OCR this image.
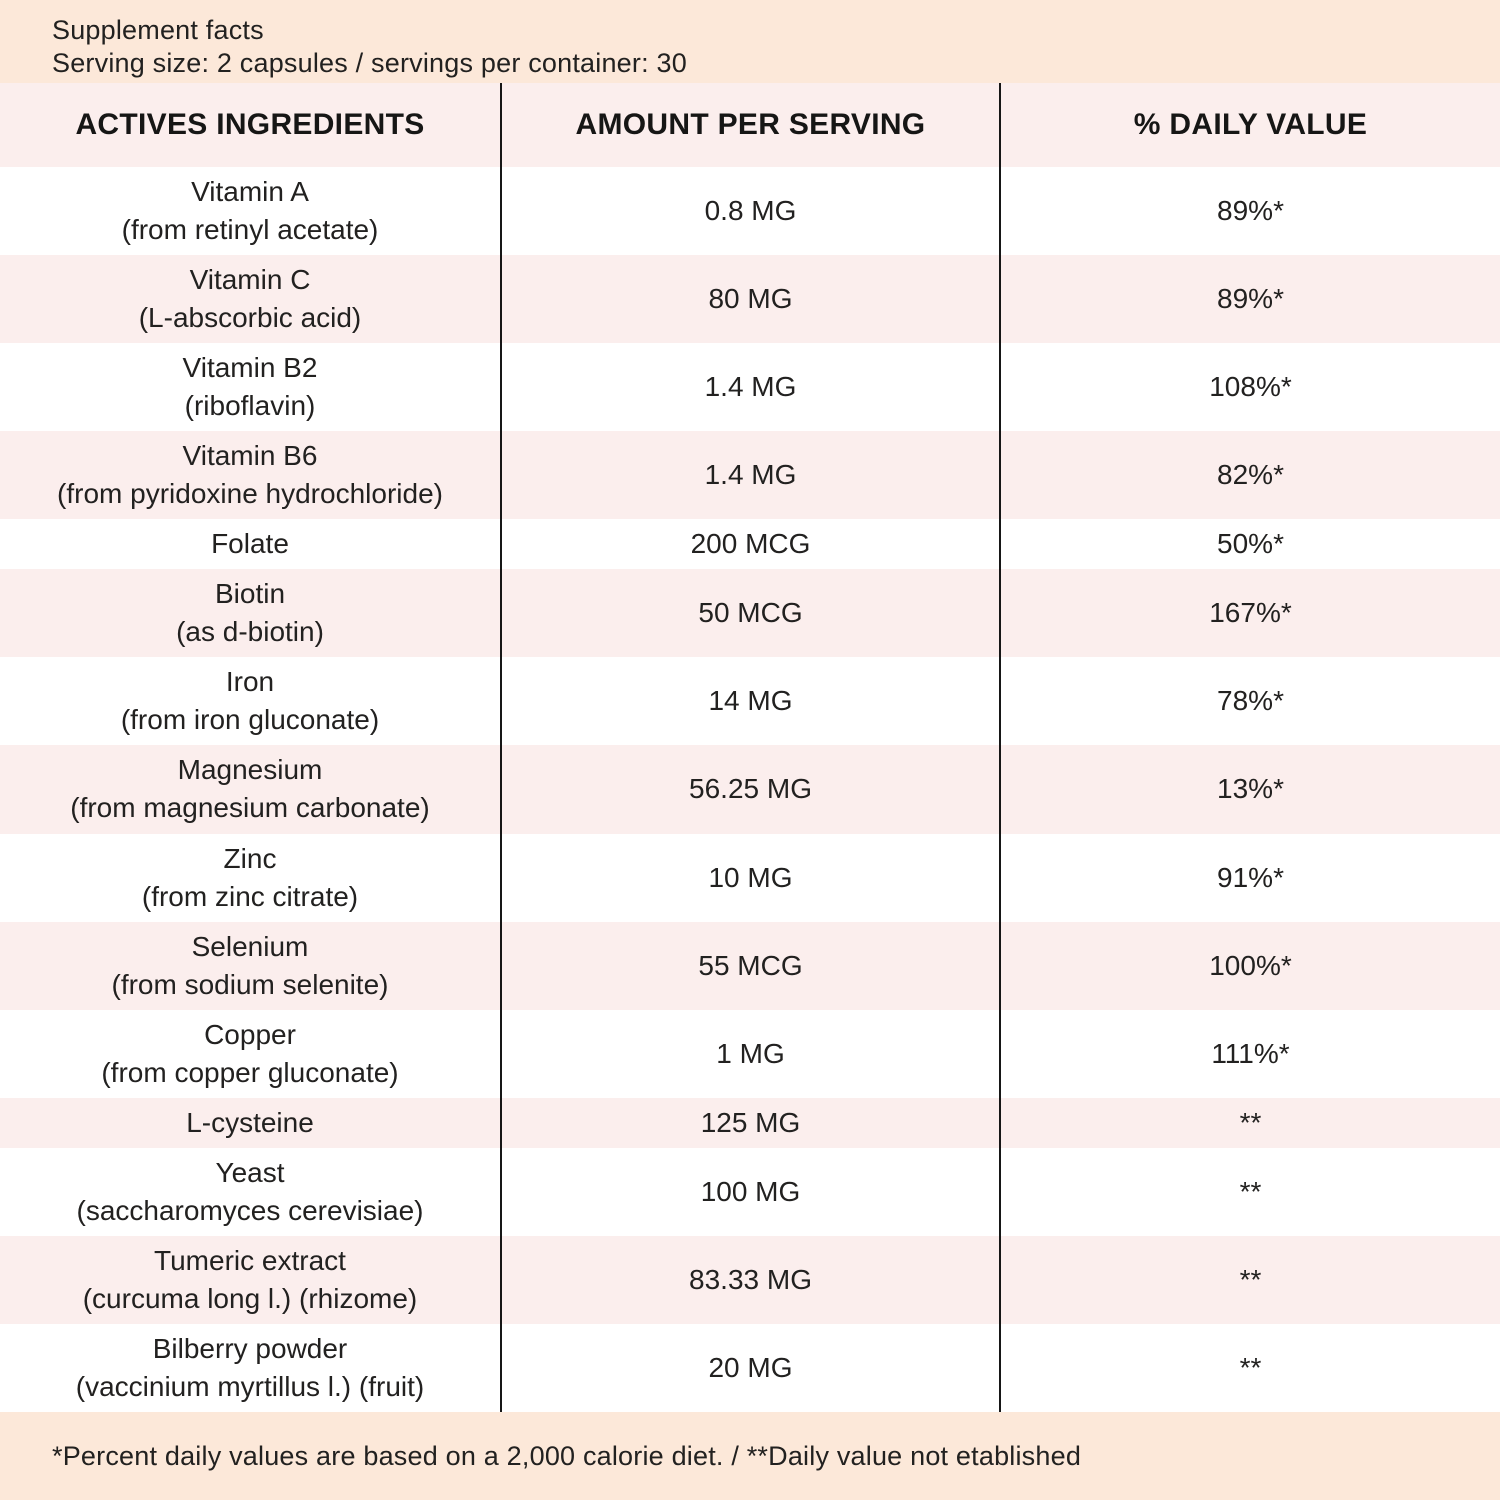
Supplement facts
Serving size: 2 capsules / servings per container: 30
ACTIVES INGREDIENTS	AMOUNT PER SERVING	% DAILY VALUE
Vitamin A
(from retinyl acetate)
0.8 MG	89%*
Vitamin C
(L-abscorbic acid)
80 MG	89%*
Vitamin B2
(riboflavin)
1.4 MG	108%*
Vitamin B6
(from pyridoxine hydrochloride)
1.4 MG	82%*
Folate	200 MCG	50%*
Biotin
(as d-biotin)
50 MCG	167%*
Iron
(from iron gluconate)
14 MG	78%*
Magnesium
(from magnesium carbonate)
56.25 MG	13%*
Zinc
(from zinc citrate)
10 MG	91%*
Selenium
(from sodium selenite)
55 MCG	100%*
Copper
(from copper gluconate)
1 MG	111%*
L-cysteine	125 MG	**
Yeast
(saccharomyces cerevisiae)
100 MG	**
Tumeric extract
(curcuma long l.) (rhizome)
83.33 MG	**
Bilberry powder
(vaccinium myrtillus l.) (fruit)
20 MG	**
*Percent daily values are based on a 2,000 calorie diet. / **Daily value not etablished
